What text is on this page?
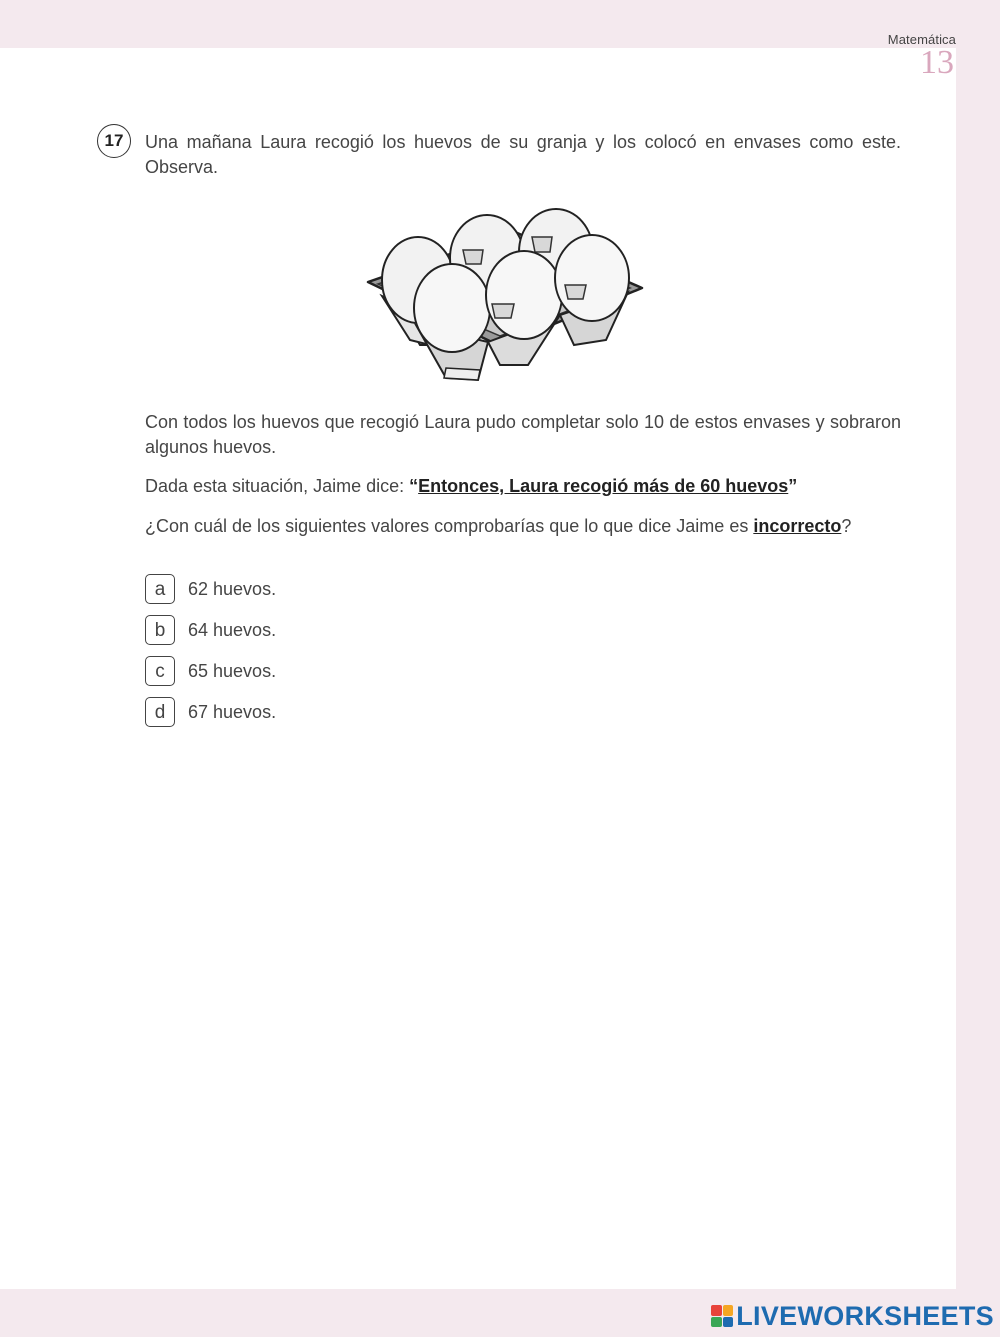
Matemática
13
17	Una mañana Laura recogió los huevos de su granja y los colocó en envases como este. Observa.

Con todos los huevos que recogió Laura pudo completar solo 10 de estos envases y sobraron algunos huevos.

Dada esta situación, Jaime dice: “Entonces, Laura recogió más de 60 huevos”

¿Con cuál de los siguientes valores comprobarías que lo que dice Jaime es incorrecto?

a	62 huevos.
b	64 huevos.
c	65 huevos.
d	67 huevos.
LIVEWORKSHEETS
